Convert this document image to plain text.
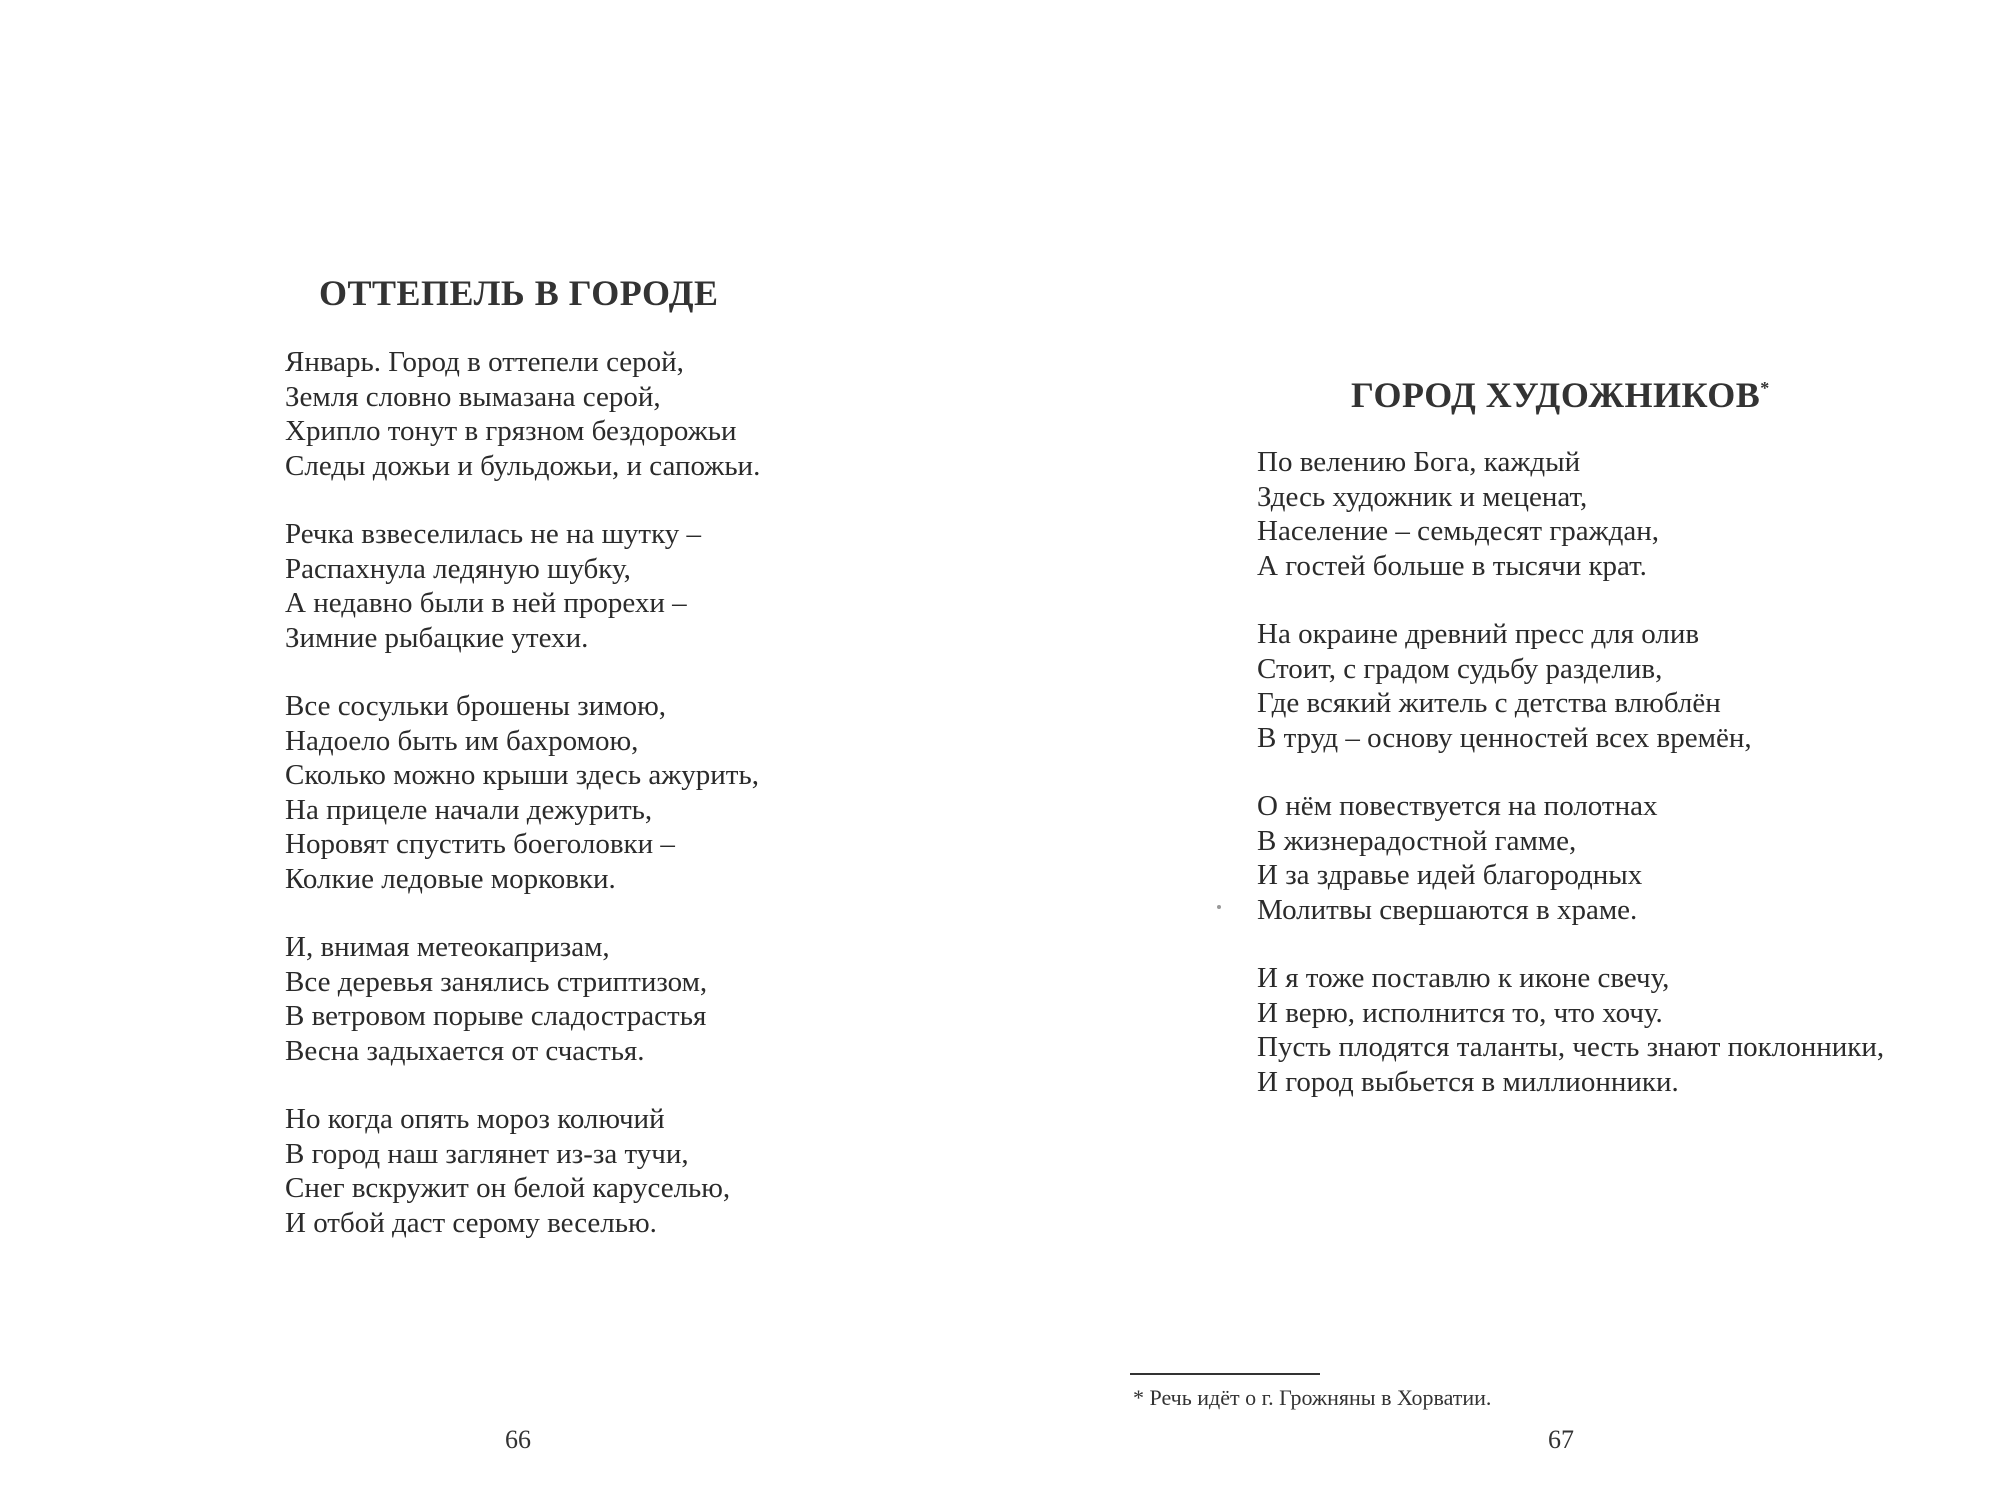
ОТТЕПЕЛЬ В ГОРОДЕ
Январь. Город в оттепели серой,
Земля словно вымазана серой,
Хрипло тонут в грязном бездорожьи
Следы дожьи и бульдожьи, и сапожьи.
Речка взвеселилась не на шутку –
Распахнула ледяную шубку,
А недавно были в ней прорехи –
Зимние рыбацкие утехи.
Все сосульки брошены зимою,
Надоело быть им бахромою,
Сколько можно крыши здесь ажурить,
На прицеле начали дежурить,
Норовят спустить боеголовки –
Колкие ледовые морковки.
И, внимая метеокапризам,
Все деревья занялись стриптизом,
В ветровом порыве сладострастья
Весна задыхается от счастья.
Но когда опять мороз колючий
В город наш заглянет из-за тучи,
Снег вскружит он белой каруселью,
И отбой даст серому веселью.
66
ГОРОД ХУДОЖНИКОВ*
По велению Бога, каждый
Здесь художник и меценат,
Население – семьдесят граждан,
А гостей больше в тысячи крат.
На окраине древний пресс для олив
Стоит, с градом судьбу разделив,
Где всякий житель с детства влюблён
В труд – основу ценностей всех времён,
О нём повествуется на полотнах
В жизнерадостной гамме,
И за здравье идей благородных
Молитвы свершаются в храме.
И я тоже поставлю к иконе свечу,
И верю, исполнится то, что хочу.
Пусть плодятся таланты, честь знают поклонники,
И город выбьется в миллионники.
* Речь идёт о г. Грожняны в Хорватии.
67
